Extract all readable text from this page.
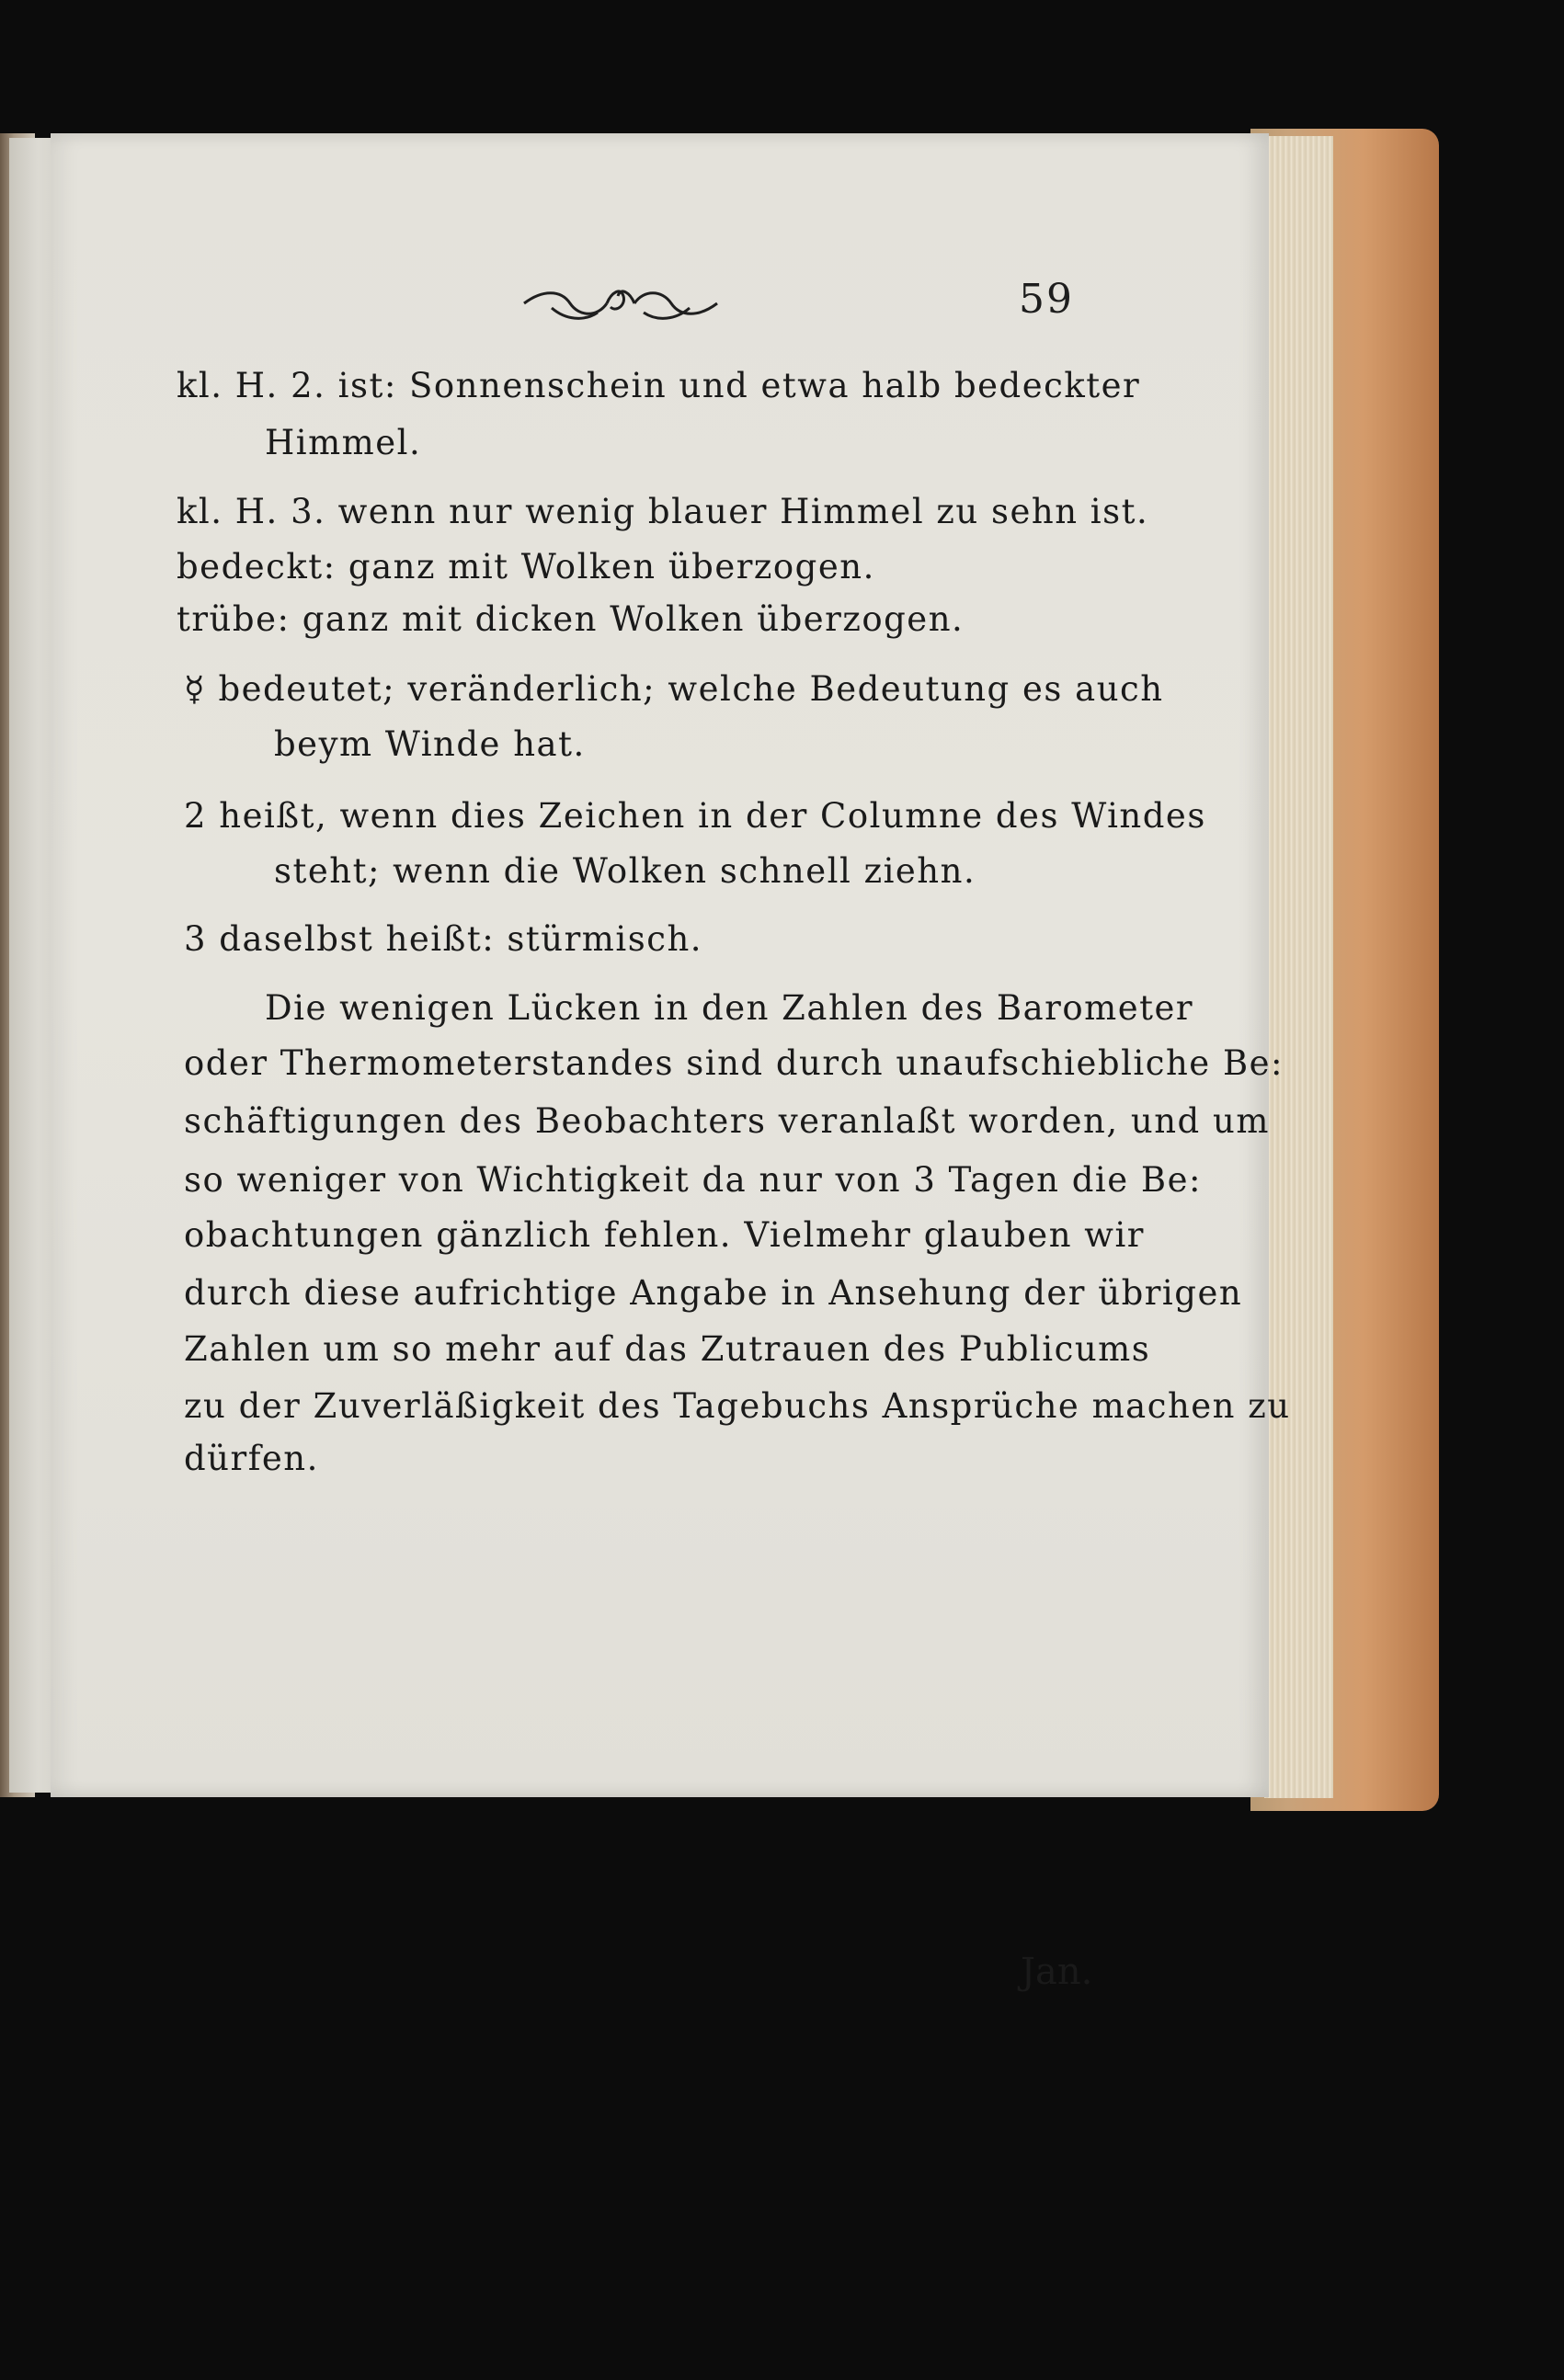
59
kl. H. 2. ist: Sonnenschein und etwa halb bedeckter
Himmel.
kl. H. 3. wenn nur wenig blauer Himmel zu sehn ist.
bedeckt: ganz mit Wolken überzogen.
trübe: ganz mit dicken Wolken überzogen.
☿ bedeutet; veränderlich; welche Bedeutung es auch
beym Winde hat.
2 heißt, wenn dies Zeichen in der Columne des Windes
steht; wenn die Wolken schnell ziehn.
3 daselbst heißt: stürmisch.
Die wenigen Lücken in den Zahlen des Barometer
oder Thermometerstandes sind durch unaufschiebliche Be:
schäftigungen des Beobachters veranlaßt worden, und um
so weniger von Wichtigkeit da nur von 3 Tagen die Be:
obachtungen gänzlich fehlen. Vielmehr glauben wir
durch diese aufrichtige Angabe in Ansehung der übrigen
Zahlen um so mehr auf das Zutrauen des Publicums
zu der Zuverläßigkeit des Tagebuchs Ansprüche machen zu
dürfen.
Jan.
